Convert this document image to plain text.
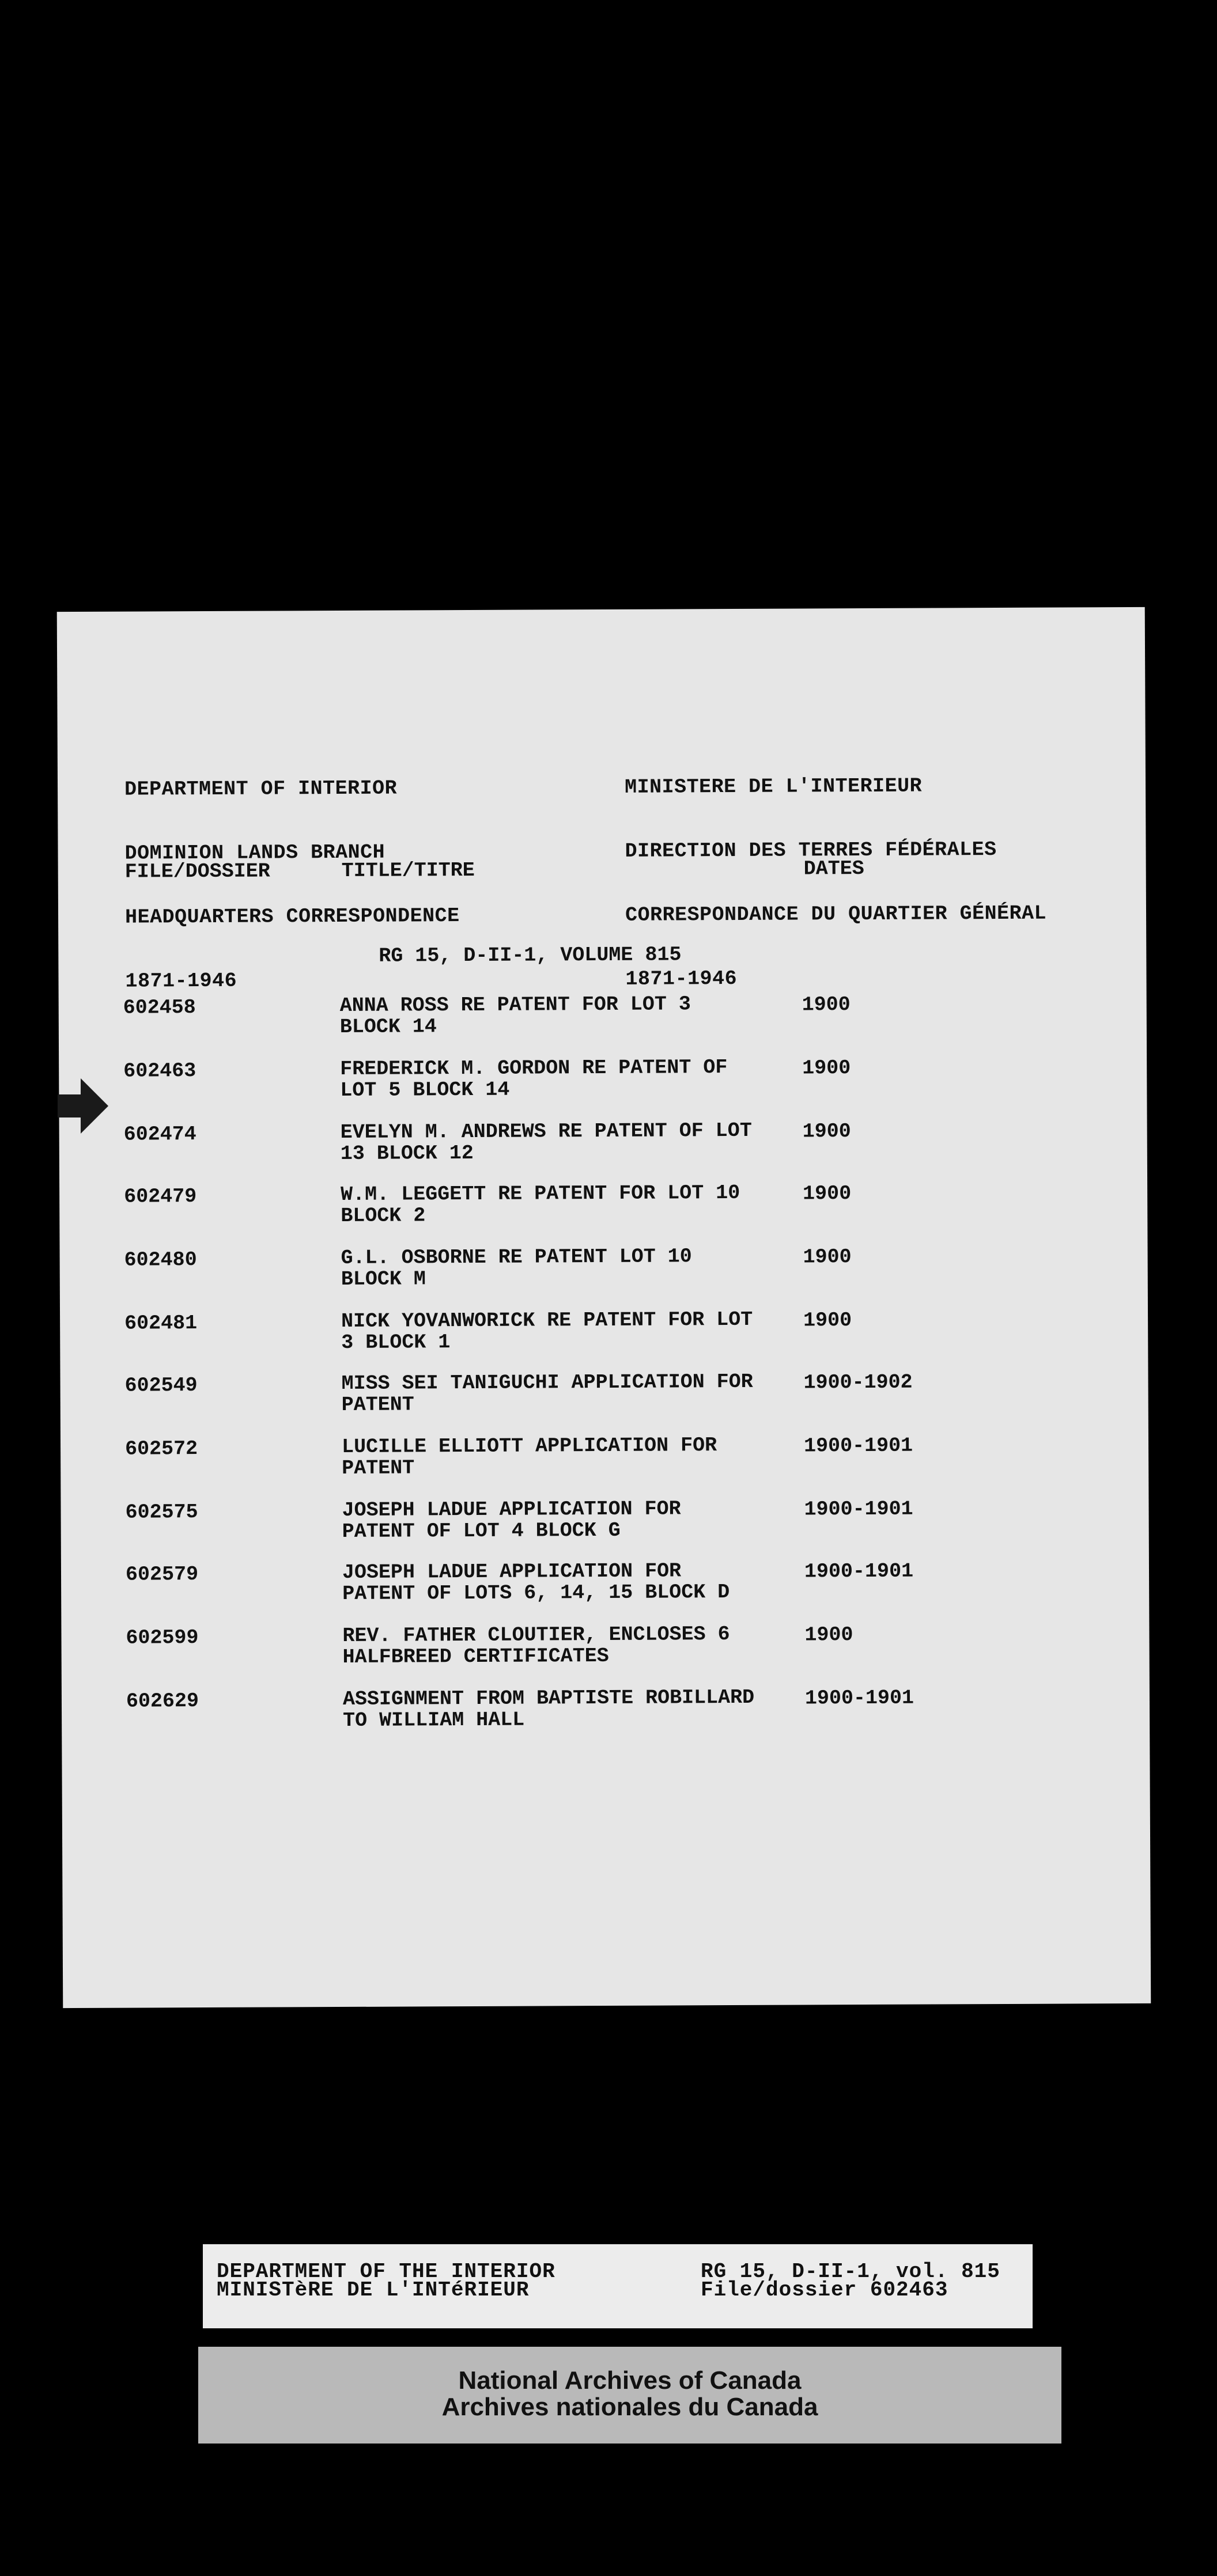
DEPARTMENT OF INTERIOR

DOMINION LANDS BRANCH

HEADQUARTERS CORRESPONDENCE

1871-1946

MINISTERE DE L'INTERIEUR

DIRECTION DES TERRES FÉDÉRALES

CORRESPONDANCE DU QUARTIER GÉNÉRAL

1871-1946

FILE/DOSSIER	TITLE/TITRE	DATES
RG 15, D-II-1, VOLUME 815
602458	ANNA ROSS RE PATENT FOR LOT 3
BLOCK 14
1900
602463	FREDERICK M. GORDON RE PATENT OF
LOT 5 BLOCK 14
1900
602474	EVELYN M. ANDREWS RE PATENT OF LOT
13 BLOCK 12
1900
602479	W.M. LEGGETT RE PATENT FOR LOT 10
BLOCK 2
1900
602480	G.L. OSBORNE RE PATENT LOT 10
BLOCK M
1900
602481	NICK YOVANWORICK RE PATENT FOR LOT
3 BLOCK 1
1900
602549	MISS SEI TANIGUCHI APPLICATION FOR
PATENT
1900-1902
602572	LUCILLE ELLIOTT APPLICATION FOR
PATENT
1900-1901
602575	JOSEPH LADUE APPLICATION FOR
PATENT OF LOT 4 BLOCK G
1900-1901
602579	JOSEPH LADUE APPLICATION FOR
PATENT OF LOTS 6, 14, 15 BLOCK D
1900-1901
602599	REV. FATHER CLOUTIER, ENCLOSES 6
HALFBREED CERTIFICATES
1900
602629	ASSIGNMENT FROM BAPTISTE ROBILLARD
TO WILLIAM HALL
1900-1901
DEPARTMENT OF THE INTERIOR
MINISTèRE DE L'INTéRIEUR
RG 15, D-II-1, vol. 815
File/dossier 602463
National Archives of Canada
Archives nationales du Canada
